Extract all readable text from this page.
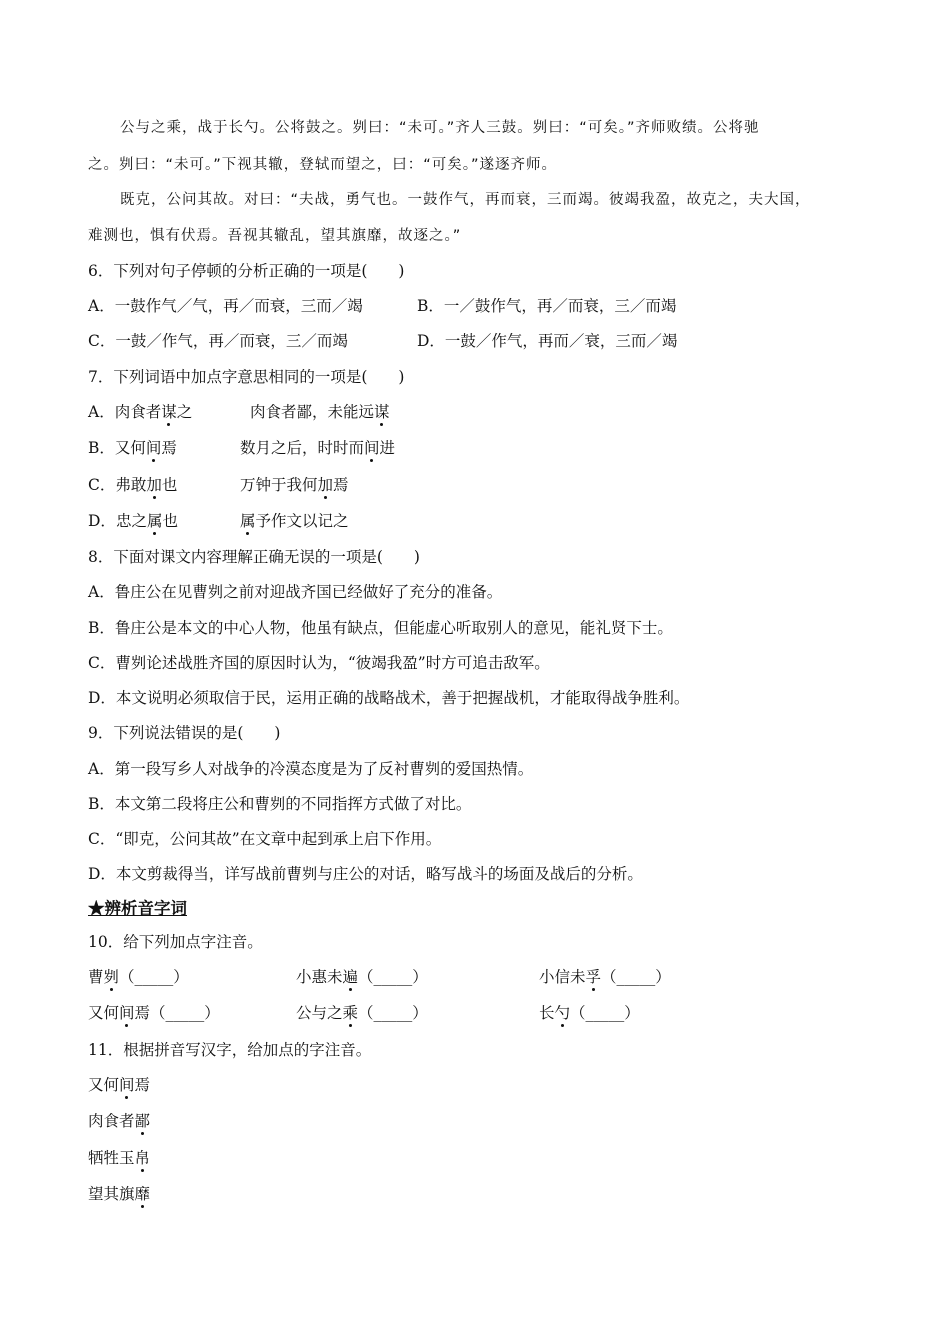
公与之乘，战于长勺。公将鼓之。刿曰：“未可。”齐人三鼓。刿曰：“可矣。”齐师败绩。公将驰
之。刿曰：“未可。”下视其辙，登轼而望之，曰：“可矣。”遂逐齐师。
既克，公问其故。对曰：“夫战，勇气也。一鼓作气，再而衰，三而竭。彼竭我盈，故克之，夫大国，
难测也，惧有伏焉。吾视其辙乱，望其旗靡，故逐之。”
6．下列对句子停顿的分析正确的一项是(　　)
A．一鼓作气／气，再／而衰，三而／竭	B．一／鼓作气，再／而衰，三／而竭
C．一鼓／作气，再／而衰，三／而竭	D．一鼓／作气，再而／衰，三而／竭
7．下列词语中加点字意思相同的一项是(　　)
A．肉食者谋之	肉食者鄙，未能远谋
B．又何间焉	数月之后，时时而间进
C．弗敢加也	万钟于我何加焉
D．忠之属也	属予作文以记之
8．下面对课文内容理解正确无误的一项是(　　)
A．鲁庄公在见曹刿之前对迎战齐国已经做好了充分的准备。
B．鲁庄公是本文的中心人物，他虽有缺点，但能虚心听取别人的意见，能礼贤下士。
C．曹刿论述战胜齐国的原因时认为，“彼竭我盈”时方可追击敌军。
D．本文说明必须取信于民，运用正确的战略战术，善于把握战机，才能取得战争胜利。
9．下列说法错误的是(　　)
A．第一段写乡人对战争的冷漠态度是为了反衬曹刿的爱国热情。
B．本文第二段将庄公和曹刿的不同指挥方式做了对比。
C．“即克，公问其故”在文章中起到承上启下作用。
D．本文剪裁得当，详写战前曹刿与庄公的对话，略写战斗的场面及战后的分析。
★辨析音字词
10．给下列加点字注音。
曹刿（_____）	小惠未遍（_____）	小信未孚（_____）
又何间焉（_____）	公与之乘（_____）	长勺（_____）
11．根据拼音写汉字，给加点的字注音。
又何间焉
肉食者鄙
牺牲玉帛
望其旗靡
